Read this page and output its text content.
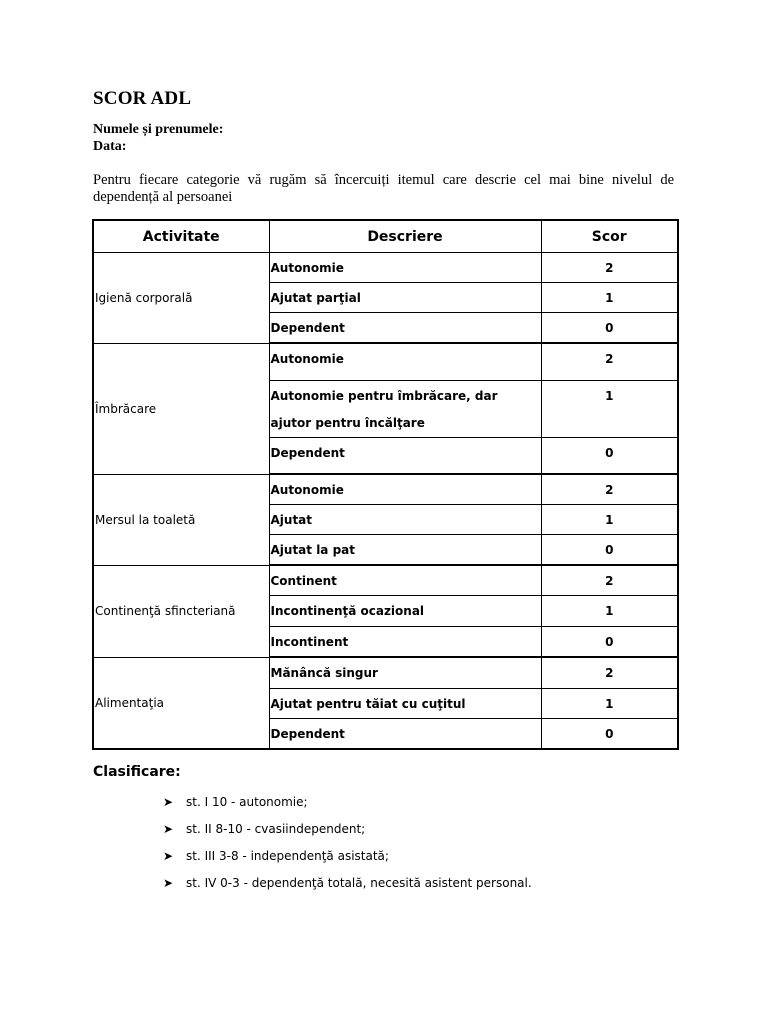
SCOR ADL
Numele și prenumele:
Data:
Pentru fiecare categorie vă rugăm să încercuiți itemul care descrie cel mai bine nivelul de dependență al persoanei
Activitate	Descriere	Scor
Igienă corporală	Autonomie	2
	Ajutat parţial	1
	Dependent	0
Îmbrăcare	Autonomie	2
	Autonomie pentru îmbrăcare, dar ajutor pentru încălţare	1
	Dependent	0
Mersul la toaletă	Autonomie	2
	Ajutat	1
	Ajutat la pat	0
Continenţă sfincteriană	Continent	2
	Incontinenţă ocazional	1
	Incontinent	0
Alimentaţia	Mănâncă singur	2
	Ajutat pentru tăiat cu cuţitul	1
	Dependent	0
Clasificare:
➤	st. I 10 - autonomie;
➤	st. II 8-10 - cvasiindependent;
➤	st. III 3-8 - independenţă asistată;
➤	st. IV 0-3 - dependenţă totală, necesită asistent personal.
